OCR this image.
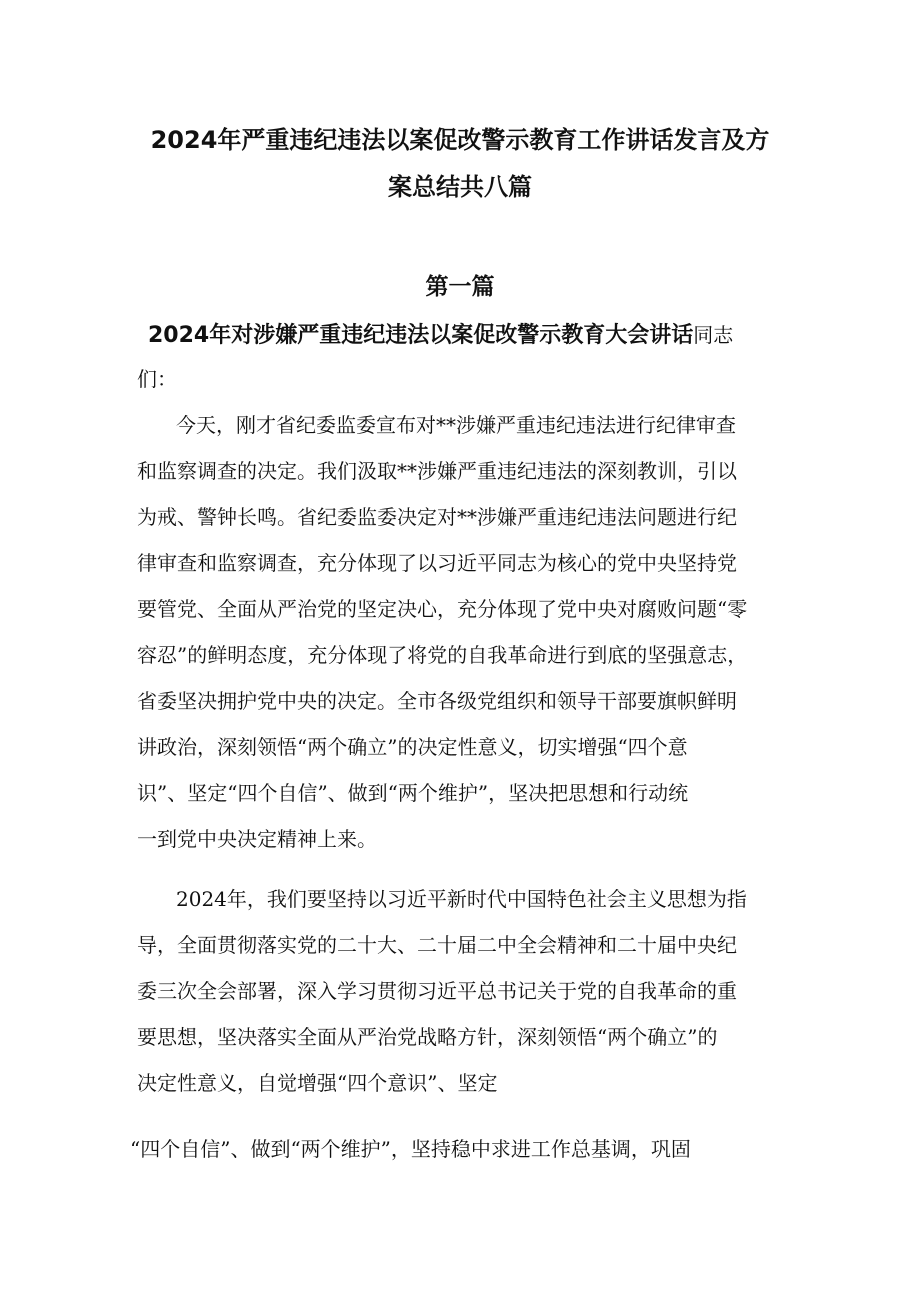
2024年严重违纪违法以案促改警示教育工作讲话发言及方
案总结共八篇
第一篇
2024年对涉嫌严重违纪违法以案促改警示教育大会讲话同志
们：
今天，刚才省纪委监委宣布对**涉嫌严重违纪违法进行纪律审查
和监察调查的决定。我们汲取**涉嫌严重违纪违法的深刻教训，引以
为戒、警钟长鸣。省纪委监委决定对**涉嫌严重违纪违法问题进行纪
律审查和监察调查，充分体现了以习近平同志为核心的党中央坚持党
要管党、全面从严治党的坚定决心，充分体现了党中央对腐败问题“零
容忍”的鲜明态度，充分体现了将党的自我革命进行到底的坚强意志，
省委坚决拥护党中央的决定。全市各级党组织和领导干部要旗帜鲜明
讲政治，深刻领悟“两个确立”的决定性意义，切实增强“四个意
识”、坚定“四个自信”、做到“两个维护”，坚决把思想和行动统
一到党中央决定精神上来。
2024年，我们要坚持以习近平新时代中国特色社会主义思想为指
导，全面贯彻落实党的二十大、二十届二中全会精神和二十届中央纪
委三次全会部署，深入学习贯彻习近平总书记关于党的自我革命的重
要思想，坚决落实全面从严治党战略方针，深刻领悟“两个确立”的
决定性意义，自觉增强“四个意识”、坚定
“四个自信”、做到“两个维护”，坚持稳中求进工作总基调，巩固
